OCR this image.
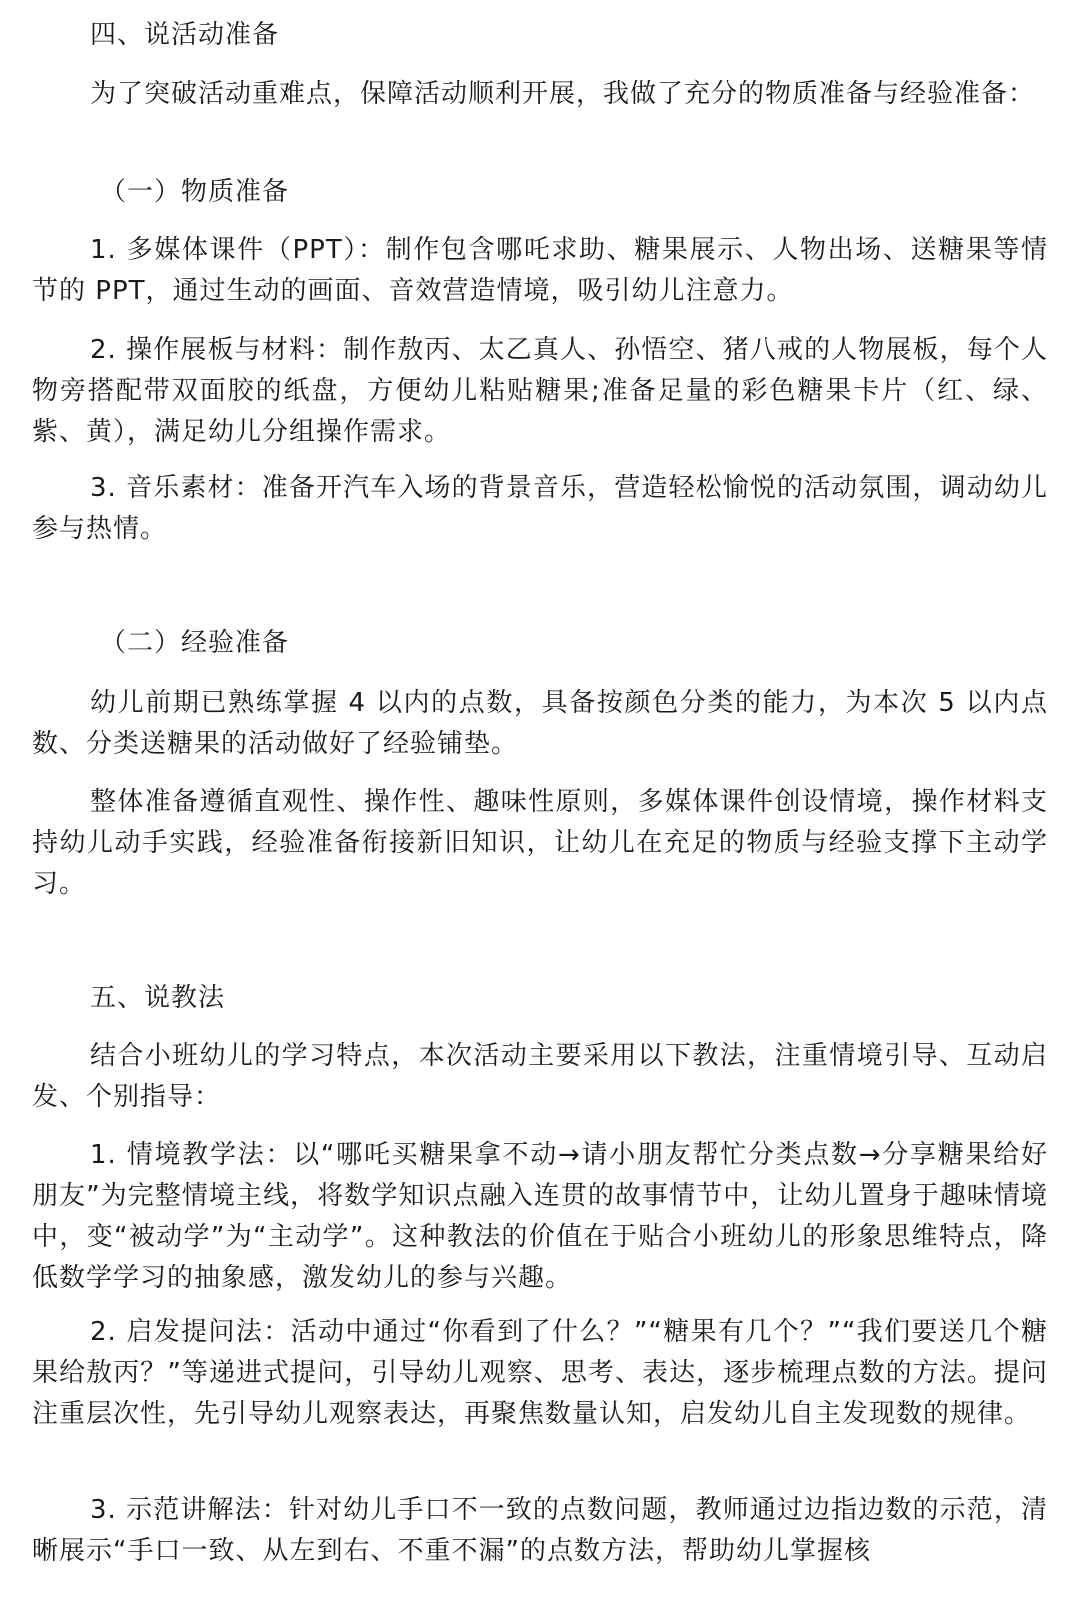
四、说活动准备

为了突破活动重难点，保障活动顺利开展，我做了充分的物质准备与经验准备：

（一）物质准备

1. 多媒体课件（PPT）：制作包含哪吒求助、糖果展示、人物出场、送糖果等情节的 PPT，通过生动的画面、音效营造情境，吸引幼儿注意力。

2. 操作展板与材料：制作敖丙、太乙真人、孙悟空、猪八戒的人物展板，每个人物旁搭配带双面胶的纸盘，方便幼儿粘贴糖果;准备足量的彩色糖果卡片（红、绿、紫、黄），满足幼儿分组操作需求。

3. 音乐素材：准备开汽车入场的背景音乐，营造轻松愉悦的活动氛围，调动幼儿参与热情。

（二）经验准备

幼儿前期已熟练掌握 4 以内的点数，具备按颜色分类的能力，为本次 5 以内点数、分类送糖果的活动做好了经验铺垫。

整体准备遵循直观性、操作性、趣味性原则，多媒体课件创设情境，操作材料支持幼儿动手实践，经验准备衔接新旧知识，让幼儿在充足的物质与经验支撑下主动学习。

五、说教法

结合小班幼儿的学习特点，本次活动主要采用以下教法，注重情境引导、互动启发、个别指导：

1. 情境教学法：以“哪吒买糖果拿不动→请小朋友帮忙分类点数→分享糖果给好朋友”为完整情境主线，将数学知识点融入连贯的故事情节中，让幼儿置身于趣味情境中，变“被动学”为“主动学”。这种教法的价值在于贴合小班幼儿的形象思维特点，降低数学学习的抽象感，激发幼儿的参与兴趣。

2. 启发提问法：活动中通过“你看到了什么？”“糖果有几个？”“我们要送几个糖果给敖丙？”等递进式提问，引导幼儿观察、思考、表达，逐步梳理点数的方法。提问注重层次性，先引导幼儿观察表达，再聚焦数量认知，启发幼儿自主发现数的规律。

3. 示范讲解法：针对幼儿手口不一致的点数问题，教师通过边指边数的示范，清晰展示“手口一致、从左到右、不重不漏”的点数方法，帮助幼儿掌握核
